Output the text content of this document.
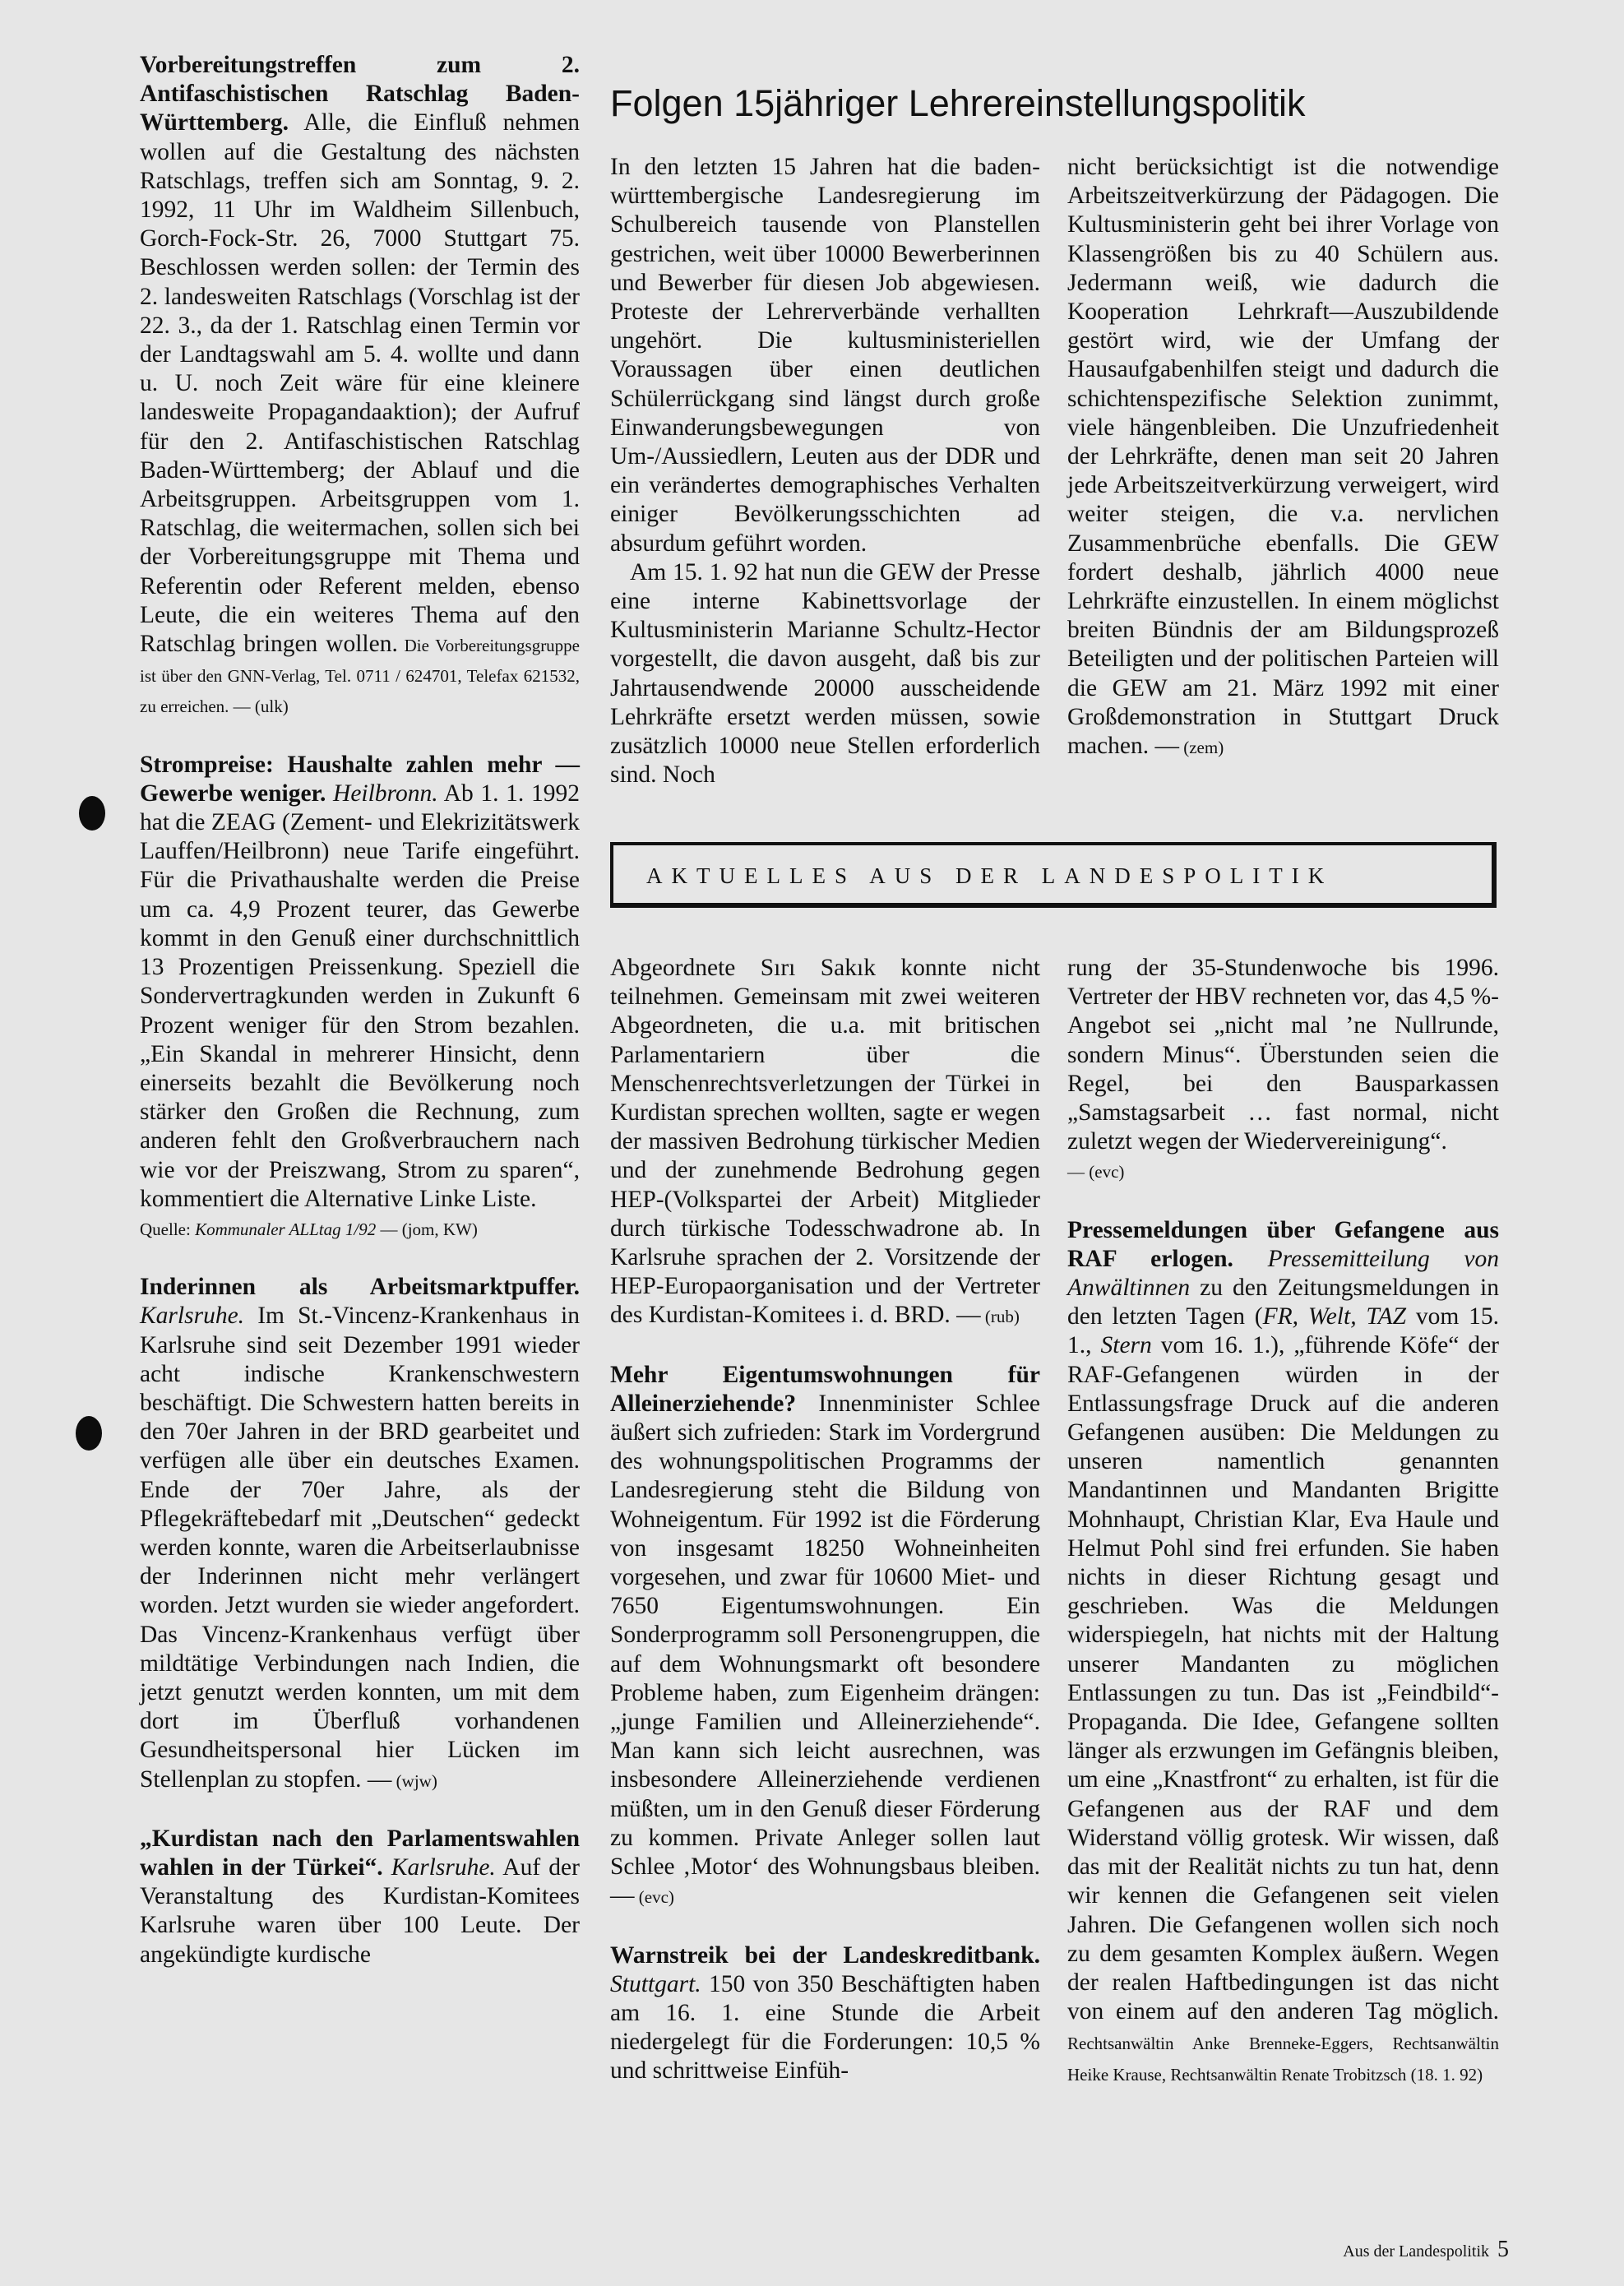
Vorbereitungstreffen zum 2. Antifaschistischen Ratschlag Baden-Württemberg. Alle, die Einfluß nehmen wollen auf die Gestaltung des nächsten Ratschlags, treffen sich am Sonntag, 9. 2. 1992, 11 Uhr im Waldheim Sillenbuch, Gorch-Fock-Str. 26, 7000 Stuttgart 75. Beschlossen werden sollen: der Termin des 2. landesweiten Ratschlags (Vorschlag ist der 22. 3., da der 1. Ratschlag einen Termin vor der Landtagswahl am 5. 4. wollte und dann u. U. noch Zeit wäre für eine kleinere landesweite Propagandaaktion); der Aufruf für den 2. Antifaschistischen Ratschlag Baden-Württemberg; der Ablauf und die Arbeitsgruppen. Arbeitsgruppen vom 1. Ratschlag, die weitermachen, sollen sich bei der Vorbereitungsgruppe mit Thema und Referentin oder Referent melden, ebenso Leute, die ein weiteres Thema auf den Ratschlag bringen wollen. Die Vorbereitungsgruppe ist über den GNN-Verlag, Tel. 0711 / 624701, Telefax 621532, zu erreichen. — (ulk)

Strompreise: Haushalte zahlen mehr — Gewerbe weniger. Heilbronn. Ab 1. 1. 1992 hat die ZEAG (Zement- und Elekrizitätswerk Lauffen/Heilbronn) neue Tarife eingeführt. Für die Privathaushalte werden die Preise um ca. 4,9 Prozent teurer, das Gewerbe kommt in den Genuß einer durchschnittlich 13 Prozentigen Preissenkung. Speziell die Sondervertragkunden werden in Zukunft 6 Prozent weniger für den Strom bezahlen. „Ein Skandal in mehrerer Hinsicht, denn einerseits bezahlt die Bevölkerung noch stärker den Großen die Rechnung, zum anderen fehlt den Großverbrauchern nach wie vor der Preiszwang, Strom zu sparen“, kommentiert die Alternative Linke Liste.
Quelle: Kommunaler ALLtag 1/92 — (jom, KW)

Inderinnen als Arbeitsmarktpuffer. Karlsruhe. Im St.-Vincenz-Krankenhaus in Karlsruhe sind seit Dezember 1991 wieder acht indische Krankenschwestern beschäftigt. Die Schwestern hatten bereits in den 70er Jahren in der BRD gearbeitet und verfügen alle über ein deutsches Examen. Ende der 70er Jahre, als der Pflegekräftebedarf mit „Deutschen“ gedeckt werden konnte, waren die Arbeitserlaubnisse der Inderinnen nicht mehr verlängert worden. Jetzt wurden sie wieder angefordert. Das Vincenz-Krankenhaus verfügt über mildtätige Verbindungen nach Indien, die jetzt genutzt werden konnten, um mit dem dort im Überfluß vorhandenen Gesundheitspersonal hier Lücken im Stellenplan zu stopfen. — (wjw)

„Kurdistan nach den Parlamentswahlen wahlen in der Türkei“. Karlsruhe. Auf der Veranstaltung des Kurdistan-Komitees Karlsruhe waren über 100 Leute. Der angekündigte kurdische

Folgen 15jähriger Lehrereinstellungspolitik

In den letzten 15 Jahren hat die baden-württembergische Landesregierung im Schulbereich tausende von Planstellen gestrichen, weit über 10000 Bewerberinnen und Bewerber für diesen Job abgewiesen. Proteste der Lehrerverbände verhallten ungehört. Die kultusministeriellen Voraussagen über einen deutlichen Schülerrückgang sind längst durch große Einwanderungsbewegungen von Um-/Aussiedlern, Leuten aus der DDR und ein verändertes demographisches Verhalten einiger Bevölkerungsschichten ad absurdum geführt worden.

Am 15. 1. 92 hat nun die GEW der Presse eine interne Kabinettsvorlage der Kultusministerin Marianne Schultz-Hector vorgestellt, die davon ausgeht, daß bis zur Jahrtausendwende 20000 ausscheidende Lehrkräfte ersetzt werden müssen, sowie zusätzlich 10000 neue Stellen erforderlich sind. Noch

nicht berücksichtigt ist die notwendige Arbeitszeitverkürzung der Pädagogen. Die Kultusministerin geht bei ihrer Vorlage von Klassengrößen bis zu 40 Schülern aus. Jedermann weiß, wie dadurch die Kooperation Lehrkraft—Auszubildende gestört wird, wie der Umfang der Hausaufgabenhilfen steigt und dadurch die schichtenspezifische Selektion zunimmt, viele hängenbleiben. Die Unzufriedenheit der Lehrkräfte, denen man seit 20 Jahren jede Arbeitszeitverkürzung verweigert, wird weiter steigen, die v.a. nervlichen Zusammenbrüche ebenfalls. Die GEW fordert deshalb, jährlich 4000 neue Lehrkräfte einzustellen. In einem möglichst breiten Bündnis der am Bildungsprozeß Beteiligten und der politischen Parteien will die GEW am 21. März 1992 mit einer Großdemonstration in Stuttgart Druck machen. — (zem)

AKTUELLES AUS DER LANDESPOLITIK

Abgeordnete Sırı Sakık konnte nicht teilnehmen. Gemeinsam mit zwei weiteren Abgeordneten, die u.a. mit britischen Parlamentariern über die Menschenrechtsverletzungen der Türkei in Kurdistan sprechen wollten, sagte er wegen der massiven Bedrohung türkischer Medien und der zunehmende Bedrohung gegen HEP-(Volkspartei der Arbeit) Mitglieder durch türkische Todesschwadrone ab. In Karlsruhe sprachen der 2. Vorsitzende der HEP-Europaorganisation und der Vertreter des Kurdistan-Komitees i. d. BRD. — (rub)

Mehr Eigentumswohnungen für Alleinerziehende? Innenminister Schlee äußert sich zufrieden: Stark im Vordergrund des wohnungspolitischen Programms der Landesregierung steht die Bildung von Wohneigentum. Für 1992 ist die Förderung von insgesamt 18250 Wohneinheiten vorgesehen, und zwar für 10600 Miet- und 7650 Eigentumswohnungen. Ein Sonderprogramm soll Personengruppen, die auf dem Wohnungsmarkt oft besondere Probleme haben, zum Eigenheim drängen: „junge Familien und Alleinerziehende“. Man kann sich leicht ausrechnen, was insbesondere Alleinerziehende verdienen müßten, um in den Genuß dieser Förderung zu kommen. Private Anleger sollen laut Schlee ‚Motor‘ des Wohnungsbaus bleiben. — (evc)

Warnstreik bei der Landeskreditbank. Stuttgart. 150 von 350 Beschäftigten haben am 16. 1. eine Stunde die Arbeit niedergelegt für die Forderungen: 10,5 % und schrittweise Einfüh-

rung der 35-Stundenwoche bis 1996. Vertreter der HBV rechneten vor, das 4,5 %-Angebot sei „nicht mal ’ne Nullrunde, sondern Minus“. Überstunden seien die Regel, bei den Bausparkassen „Samstagsarbeit … fast normal, nicht zuletzt wegen der Wiedervereinigung“.
— (evc)

Pressemeldungen über Gefangene aus RAF erlogen. Pressemitteilung von Anwältinnen zu den Zeitungsmeldungen in den letzten Tagen (FR, Welt, TAZ vom 15. 1., Stern vom 16. 1.), „führende Köfe“ der RAF-Gefangenen würden in der Entlassungsfrage Druck auf die anderen Gefangenen ausüben: Die Meldungen zu unseren namentlich genannten Mandantinnen und Mandanten Brigitte Mohnhaupt, Christian Klar, Eva Haule und Helmut Pohl sind frei erfunden. Sie haben nichts in dieser Richtung gesagt und geschrieben. Was die Meldungen widerspiegeln, hat nichts mit der Haltung unserer Mandanten zu möglichen Entlassungen zu tun. Das ist „Feindbild“-Propaganda. Die Idee, Gefangene sollten länger als erzwungen im Gefängnis bleiben, um eine „Knastfront“ zu erhalten, ist für die Gefangenen aus der RAF und dem Widerstand völlig grotesk. Wir wissen, daß das mit der Realität nichts zu tun hat, denn wir kennen die Gefangenen seit vielen Jahren. Die Gefangenen wollen sich noch zu dem gesamten Komplex äußern. Wegen der realen Haftbedingungen ist das nicht von einem auf den anderen Tag möglich. Rechtsanwältin Anke Brenneke-Eggers, Rechtsanwältin Heike Krause, Rechtsanwältin Renate Trobitzsch (18. 1. 92)

Aus der Landespolitik 5
